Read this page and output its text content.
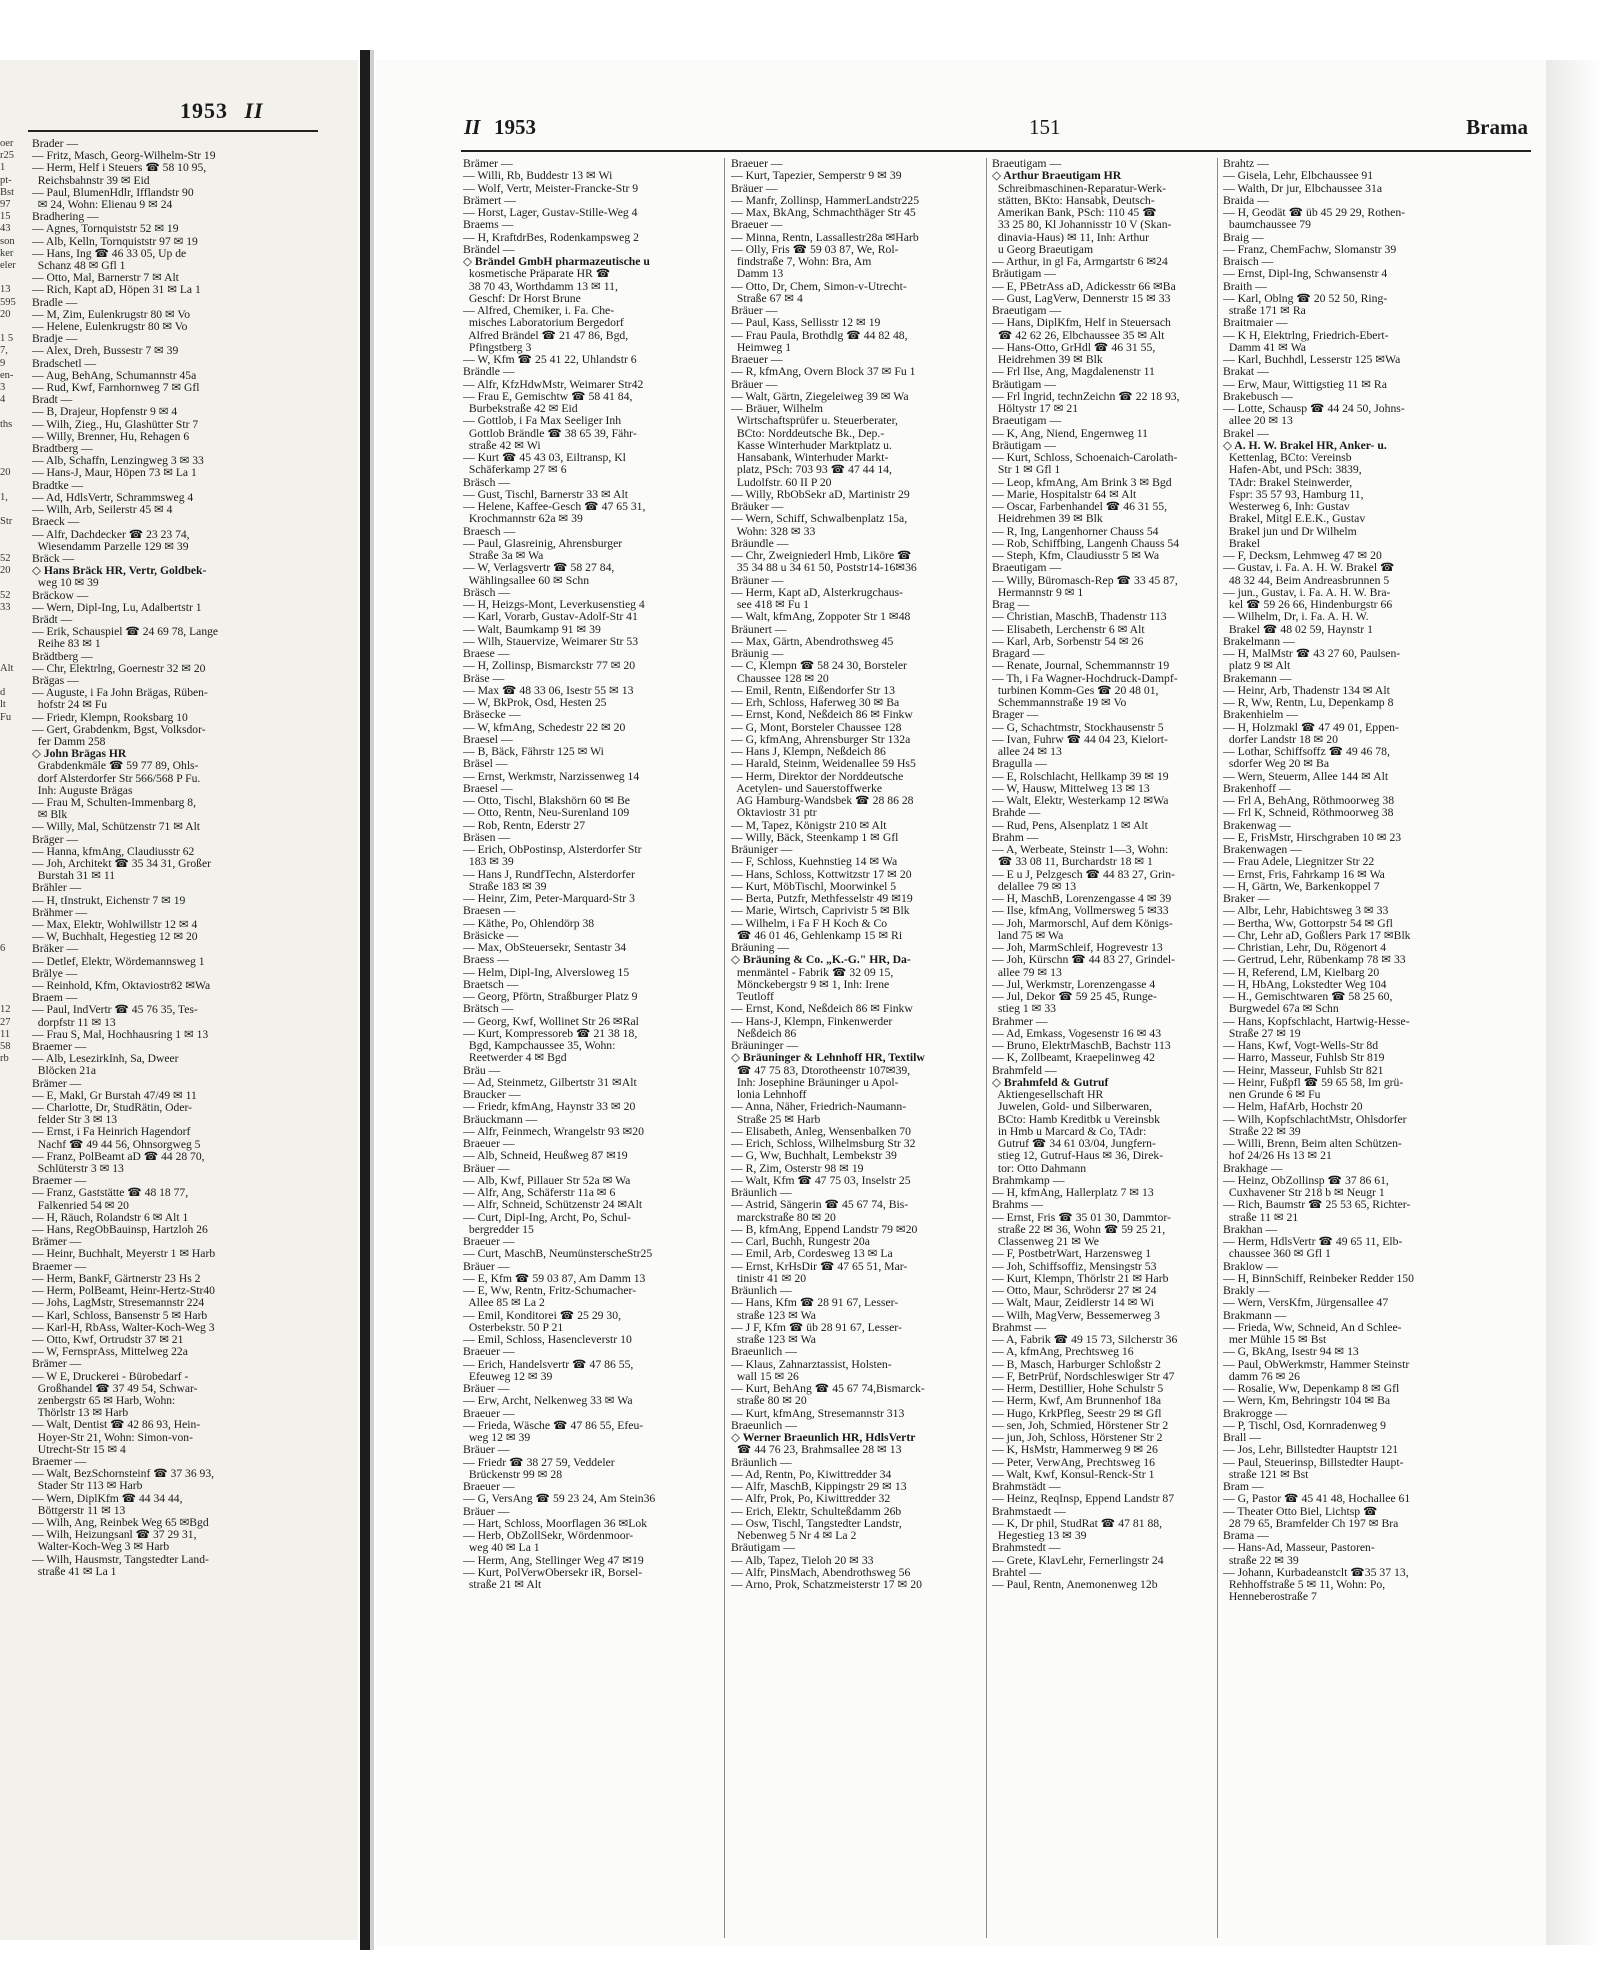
1953 II
oer
r25
1
pt-
Bst
97
15
43
son
ker
eler

13
595
20

1 5
7,
9
en-
3
4

ths

20

1,

Str

52
20

52
33

Alt

d
lt
Fu

6

12
27
11
58
rb
Brader —
— Fritz, Masch, Georg-Wilhelm-Str 19
— Herm, Helf i Steuers ☎ 58 10 95,
Reichsbahnstr 39 ✉ Eid
— Paul, BlumenHdlr, Ifflandstr 90
✉ 24, Wohn: Elienau 9 ✉ 24
Bradhering —
— Agnes, Tornquiststr 52 ✉ 19
— Alb, Kelln, Tornquiststr 97 ✉ 19
— Hans, Ing ☎ 46 33 05, Up de
Schanz 48 ✉ Gfl 1
— Otto, Mal, Barnerstr 7 ✉ Alt
— Rich, Kapt aD, Höpen 31 ✉ La 1
Bradle —
— M, Zim, Eulenkrugstr 80 ✉ Vo
— Helene, Eulenkrugstr 80 ✉ Vo
Bradje —
— Alex, Dreh, Bussestr 7 ✉ 39
Bradschetl —
— Aug, BehAng, Schumannstr 45a
— Rud, Kwf, Farnhornweg 7 ✉ Gfl
Bradt —
— B, Drajeur, Hopfenstr 9 ✉ 4
— Wilh, Zieg., Hu, Glashütter Str 7
— Willy, Brenner, Hu, Rehagen 6
Bradtberg —
— Alb, Schaffn, Lenzingweg 3 ✉ 33
— Hans-J, Maur, Höpen 73 ✉ La 1
Bradtke —
— Ad, HdlsVertr, Schrammsweg 4
— Wilh, Arb, Seilerstr 45 ✉ 4
Braeck —
— Alfr, Dachdecker ☎ 23 23 74,
Wiesendamm Parzelle 129 ✉ 39
Bräck —
◇ Hans Bräck HR, Vertr, Goldbek-
weg 10 ✉ 39
Bräckow —
— Wern, Dipl-Ing, Lu, Adalbertstr 1
Brädt —
— Erik, Schauspiel ☎ 24 69 78, Lange
Reihe 83 ✉ 1
Brädtberg —
— Chr, Elektrlng, Goernestr 32 ✉ 20
Brägas —
— Auguste, i Fa John Brägas, Rüben-
hofstr 24 ✉ Fu
— Friedr, Klempn, Rooksbarg 10
— Gert, Grabdenkm, Bgst, Volksdor-
fer Damm 258
◇ John Brägas HR
Grabdenkmäle ☎ 59 77 89, Ohls-
dorf Alsterdorfer Str 566/568 P Fu.
Inh: Auguste Brägas
— Frau M, Schulten-Immenbarg 8,
✉ Blk
— Willy, Mal, Schützenstr 71 ✉ Alt
Bräger —
— Hanna, kfmAng, Claudiusstr 62
— Joh, Architekt ☎ 35 34 31, Großer
Burstah 31 ✉ 11
Brähler —
— H, tInstrukt, Eichenstr 7 ✉ 19
Brähmer —
— Max, Elektr, Wohlwillstr 12 ✉ 4
— W, Buchhalt, Hegestieg 12 ✉ 20
Bräker —
— Detlef, Elektr, Wördemannsweg 1
Brälye —
— Reinhold, Kfm, Oktaviostr82 ✉Wa
Braem —
— Paul, IndVertr ☎ 45 76 35, Tes-
dorpfstr 11 ✉ 13
— Frau S, Mal, Hochhausring 1 ✉ 13
Braemer —
— Alb, LesezirkInh, Sa, Dweer
Blöcken 21a
Brämer —
— E, Makl, Gr Burstah 47/49 ✉ 11
— Charlotte, Dr, StudRätin, Oder-
felder Str 3 ✉ 13
— Ernst, i Fa Heinrich Hagendorf
Nachf ☎ 49 44 56, Ohnsorgweg 5
— Franz, PolBeamt aD ☎ 44 28 70,
Schlüterstr 3 ✉ 13
Braemer —
— Franz, Gaststätte ☎ 48 18 77,
Falkenried 54 ✉ 20
— H, Räuch, Rolandstr 6 ✉ Alt 1
— Hans, RegObBauinsp, Hartzloh 26
Brämer —
— Heinr, Buchhalt, Meyerstr 1 ✉ Harb
Braemer —
— Herm, BankF, Gärtnerstr 23 Hs 2
— Herm, PolBeamt, Heinr-Hertz-Str40
— Johs, LagMstr, Stresemannstr 224
— Karl, Schloss, Bansenstr 5 ✉ Harb
— Karl-H, RbAss, Walter-Koch-Weg 3
— Otto, Kwf, Ortrudstr 37 ✉ 21
— W, FernsprAss, Mittelweg 22a
Brämer —
— W E, Druckerei - Bürobedarf -
Großhandel ☎ 37 49 54, Schwar-
zenbergstr 65 ✉ Harb, Wohn:
Thörlstr 13 ✉ Harb
— Walt, Dentist ☎ 42 86 93, Hein-
Hoyer-Str 21, Wohn: Simon-von-
Utrecht-Str 15 ✉ 4
Braemer —
— Walt, BezSchornsteinf ☎ 37 36 93,
Stader Str 113 ✉ Harb
— Wern, DiplKfm ☎ 44 34 44,
Böttgerstr 11 ✉ 13
— Wilh, Ang, Reinbek Weg 65 ✉Bgd
— Wilh, Heizungsanl ☎ 37 29 31,
Walter-Koch-Weg 3 ✉ Harb
— Wilh, Hausmstr, Tangstedter Land-
straße 41 ✉ La 1
II 1953	151	Brama
Brämer —
— Willi, Rb, Buddestr 13 ✉ Wi
— Wolf, Vertr, Meister-Francke-Str 9
Brämert —
— Horst, Lager, Gustav-Stille-Weg 4
Braems —
— H, KraftdrBes, Rodenkampsweg 2
Brändel —
◇ Brändel GmbH pharmazeutische u
kosmetische Präparate HR ☎
38 70 43, Worthdamm 13 ✉ 11,
Geschf: Dr Horst Brune
— Alfred, Chemiker, i. Fa. Che-
misches Laboratorium Bergedorf
Alfred Brändel ☎ 21 47 86, Bgd,
Pfingstberg 3
— W, Kfm ☎ 25 41 22, Uhlandstr 6
Brändle —
— Alfr, KfzHdwMstr, Weimarer Str42
— Frau E, Gemischtw ☎ 58 41 84,
Burbekstraße 42 ✉ Eid
— Gottlob, i Fa Max Seeliger Inh
Gottlob Brändle ☎ 38 65 39, Fähr-
straße 42 ✉ Wi
— Kurt ☎ 45 43 03, Eiltransp, Kl
Schäferkamp 27 ✉ 6
Bräsch —
— Gust, Tischl, Barnerstr 33 ✉ Alt
— Helene, Kaffee-Gesch ☎ 47 65 31,
Krochmannstr 62a ✉ 39
Braesch —
— Paul, Glasreinig, Ahrensburger
Straße 3a ✉ Wa
— W, Verlagsvertr ☎ 58 27 84,
Wählingsallee 60 ✉ Schn
Bräsch —
— H, Heizgs-Mont, Leverkusenstieg 4
— Karl, Vorarb, Gustav-Adolf-Str 41
— Walt, Baumkamp 91 ✉ 39
— Wilh, Stauervize, Weimarer Str 53
Braese —
— H, Zollinsp, Bismarckstr 77 ✉ 20
Bräse —
— Max ☎ 48 33 06, Isestr 55 ✉ 13
— W, BkProk, Osd, Hesten 25
Bräsecke —
— W, kfmAng, Schedestr 22 ✉ 20
Braesel —
— B, Bäck, Fährstr 125 ✉ Wi
Bräsel —
— Ernst, Werkmstr, Narzissenweg 14
Braesel —
— Otto, Tischl, Blakshörn 60 ✉ Be
— Otto, Rentn, Neu-Surenland 109
— Rob, Rentn, Ederstr 27
Bräsen —
— Erich, ObPostinsp, Alsterdorfer Str
183 ✉ 39
— Hans J, RundfTechn, Alsterdorfer
Straße 183 ✉ 39
— Heinr, Zim, Peter-Marquard-Str 3
Braesen —
— Käthe, Po, Ohlendörp 38
Bräsicke —
— Max, ObSteuersekr, Sentastr 34
Braess —
— Helm, Dipl-Ing, Alversloweg 15
Braetsch —
— Georg, Pförtn, Straßburger Platz 9
Brätsch —
— Georg, Kwf, Wollinet Str 26 ✉Ral
— Kurt, Kompressoreb ☎ 21 38 18,
Bgd, Kampchaussee 35, Wohn:
Reetwerder 4 ✉ Bgd
Bräu —
— Ad, Steinmetz, Gilbertstr 31 ✉Alt
Braucker —
— Friedr, kfmAng, Haynstr 33 ✉ 20
Bräuckmann —
— Alfr, Feinmech, Wrangelstr 93 ✉20
Braeuer —
— Alb, Schneid, Heußweg 87 ✉19
Bräuer —
— Alb, Kwf, Pillauer Str 52a ✉ Wa
— Alfr, Ang, Schäferstr 11a ✉ 6
— Alfr, Schneid, Schützenstr 24 ✉Alt
— Curt, Dipl-Ing, Archt, Po, Schul-
bergredder 15
Braeuer —
— Curt, MaschB, NeumünsterscheStr25
Bräuer —
— E, Kfm ☎ 59 03 87, Am Damm 13
— E, Ww, Rentn, Fritz-Schumacher-
Allee 85 ✉ La 2
— Emil, Konditorei ☎ 25 29 30,
Osterbekstr. 50 P 21
— Emil, Schloss, Hasencleverstr 10
Braeuer —
— Erich, Handelsvertr ☎ 47 86 55,
Efeuweg 12 ✉ 39
Bräuer —
— Erw, Archt, Nelkenweg 33 ✉ Wa
Braeuer —
— Frieda, Wäsche ☎ 47 86 55, Efeu-
weg 12 ✉ 39
Bräuer —
— Friedr ☎ 38 27 59, Veddeler
Brückenstr 99 ✉ 28
Braeuer —
— G, VersAng ☎ 59 23 24, Am Stein36
Bräuer —
— Hart, Schloss, Moorflagen 36 ✉Lok
— Herb, ObZollSekr, Wördenmoor-
weg 40 ✉ La 1
— Herm, Ang, Stellinger Weg 47 ✉19
— Kurt, PolVerwObersekr iR, Borsel-
straße 21 ✉ Alt
Braeuer —
— Kurt, Tapezier, Semperstr 9 ✉ 39
Bräuer —
— Manfr, Zollinsp, HammerLandstr225
— Max, BkAng, Schmachthäger Str 45
Braeuer —
— Minna, Rentn, Lassallestr28a ✉Harb
— Olly, Fris ☎ 59 03 87, We, Rol-
findstraße 7, Wohn: Bra, Am
Damm 13
— Otto, Dr, Chem, Simon-v-Utrecht-
Straße 67 ✉ 4
Bräuer —
— Paul, Kass, Sellisstr 12 ✉ 19
— Frau Paula, Brothdlg ☎ 44 82 48,
Heimweg 1
Braeuer —
— R, kfmAng, Overn Block 37 ✉ Fu 1
Bräuer —
— Walt, Gärtn, Ziegeleiweg 39 ✉ Wa
— Bräuer, Wilhelm
Wirtschaftsprüfer u. Steuerberater,
BCto: Norddeutsche Bk., Dep.-
Kasse Winterhuder Marktplatz u.
Hansabank, Winterhuder Markt-
platz, PSch: 703 93 ☎ 47 44 14,
Ludolfstr. 60 II P 20
— Willy, RbObSekr aD, Martinistr 29
Bräuker —
— Wern, Schiff, Schwalbenplatz 15a,
Wohn: 328 ✉ 33
Bräundle —
— Chr, Zweigniederl Hmb, Liköre ☎
35 34 88 u 34 61 50, Poststr14-16✉36
Bräuner —
— Herm, Kapt aD, Alsterkrugchaus-
see 418 ✉ Fu 1
— Walt, kfmAng, Zoppoter Str 1 ✉48
Bräunert —
— Max, Gärtn, Abendrothsweg 45
Bräunig —
— C, Klempn ☎ 58 24 30, Borsteler
Chaussee 128 ✉ 20
— Emil, Rentn, Eißendorfer Str 13
— Erh, Schloss, Haferweg 30 ✉ Ba
— Ernst, Kond, Neßdeich 86 ✉ Finkw
— G, Mont, Borsteler Chaussee 128
— G, kfmAng, Ahrensburger Str 132a
— Hans J, Klempn, Neßdeich 86
— Harald, Steinm, Weidenallee 59 Hs5
— Herm, Direktor der Norddeutsche
Acetylen- und Sauerstoffwerke
AG Hamburg-Wandsbek ☎ 28 86 28
Oktaviostr 31 ptr
— M, Tapez, Königstr 210 ✉ Alt
— Willy, Bäck, Steenkamp 1 ✉ Gfl
Bräuniger —
— F, Schloss, Kuehnstieg 14 ✉ Wa
— Hans, Schloss, Kottwitzstr 17 ✉ 20
— Kurt, MöbTischl, Moorwinkel 5
— Berta, Putzfr, Methfesselstr 49 ✉19
— Marie, Wirtsch, Caprivistr 5 ✉ Blk
— Wilhelm, i Fa F H Koch & Co
☎ 46 01 46, Gehlenkamp 15 ✉ Ri
Bräuning —
◇ Bräuning & Co. „K.-G." HR, Da-
menmäntel - Fabrik ☎ 32 09 15,
Mönckebergstr 9 ✉ 1, Inh: Irene
Teutloff
— Ernst, Kond, Neßdeich 86 ✉ Finkw
— Hans-J, Klempn, Finkenwerder
Neßdeich 86
Bräuninger —
◇ Bräuninger & Lehnhoff HR, Textilw
☎ 47 75 83, Dtorotheenstr 107✉39,
Inh: Josephine Bräuninger u Apol-
lonia Lehnhoff
— Anna, Näher, Friedrich-Naumann-
Straße 25 ✉ Harb
— Elisabeth, Anleg, Wensenbalken 70
— Erich, Schloss, Wilhelmsburg Str 32
— G, Ww, Buchhalt, Lembekstr 39
— R, Zim, Osterstr 98 ✉ 19
— Walt, Kfm ☎ 47 75 03, Inselstr 25
Bräunlich —
— Astrid, Sängerin ☎ 45 67 74, Bis-
marckstraße 80 ✉ 20
— B, kfmAng, Eppend Landstr 79 ✉20
— Carl, Buchh, Rungestr 20a
— Emil, Arb, Cordesweg 13 ✉ La
— Ernst, KrHsDir ☎ 47 65 51, Mar-
tinistr 41 ✉ 20
Bräunlich —
— Hans, Kfm ☎ 28 91 67, Lesser-
straße 123 ✉ Wa
— J F, Kfm ☎ üb 28 91 67, Lesser-
straße 123 ✉ Wa
Braeunlich —
— Klaus, Zahnarztassist, Holsten-
wall 15 ✉ 26
— Kurt, BehAng ☎ 45 67 74,Bismarck-
straße 80 ✉ 20
— Kurt, kfmAng, Stresemannstr 313
Braeunlich —
◇ Werner Braeunlich HR, HdlsVertr
☎ 44 76 23, Brahmsallee 28 ✉ 13
Bräunlich —
— Ad, Rentn, Po, Kiwittredder 34
— Alfr, MaschB, Kippingstr 29 ✉ 13
— Alfr, Prok, Po, Kiwittredder 32
— Erich, Elektr, Schulteßdamm 26b
— Osw, Tischl, Tangstedter Landstr,
Nebenweg 5 Nr 4 ✉ La 2
Bräutigam —
— Alb, Tapez, Tieloh 20 ✉ 33
— Alfr, PinsMach, Abendrothsweg 56
— Arno, Prok, Schatzmeisterstr 17 ✉ 20
Braeutigam —
◇ Arthur Braeutigam HR
Schreibmaschinen-Reparatur-Werk-
stätten, BKto: Hansabk, Deutsch-
Amerikan Bank, PSch: 110 45 ☎
33 25 80, Kl Johannisstr 10 V (Skan-
dinavia-Haus) ✉ 11, Inh: Arthur
u Georg Braeutigam
— Arthur, in gl Fa, Armgartstr 6 ✉24
Bräutigam —
— E, PBetrAss aD, Adickesstr 66 ✉Ba
— Gust, LagVerw, Dennerstr 15 ✉ 33
Braeutigam —
— Hans, DiplKfm, Helf in Steuersach
☎ 42 62 26, Elbchaussee 35 ✉ Alt
— Hans-Otto, GrHdl ☎ 46 31 55,
Heidrehmen 39 ✉ Blk
— Frl Ilse, Ang, Magdalenenstr 11
Bräutigam —
— Frl Ingrid, technZeichn ☎ 22 18 93,
Höltystr 17 ✉ 21
Braeutigam —
— K, Ang, Niend, Engernweg 11
Bräutigam —
— Kurt, Schloss, Schoenaich-Carolath-
Str 1 ✉ Gfl 1
— Leop, kfmAng, Am Brink 3 ✉ Bgd
— Marie, Hospitalstr 64 ✉ Alt
— Oscar, Farbenhandel ☎ 46 31 55,
Heidrehmen 39 ✉ Blk
— R, Ing, Langenhorner Chauss 54
— Rob, Schiffbing, Langenh Chauss 54
— Steph, Kfm, Claudiusstr 5 ✉ Wa
Braeutigam —
— Willy, Büromasch-Rep ☎ 33 45 87,
Hermannstr 9 ✉ 1
Brag —
— Christian, MaschB, Thadenstr 113
— Elisabeth, Lerchenstr 6 ✉ Alt
— Karl, Arb, Sorbenstr 54 ✉ 26
Bragard —
— Renate, Journal, Schemmannstr 19
— Th, i Fa Wagner-Hochdruck-Dampf-
turbinen Komm-Ges ☎ 20 48 01,
Schemmannstraße 19 ✉ Vo
Brager —
— G, Schachtmstr, Stockhausenstr 5
— Ivan, Fuhrw ☎ 44 04 23, Kielort-
allee 24 ✉ 13
Bragulla —
— E, Rolschlacht, Hellkamp 39 ✉ 19
— W, Hausw, Mittelweg 13 ✉ 13
— Walt, Elektr, Westerkamp 12 ✉Wa
Brahde —
— Rud, Pens, Alsenplatz 1 ✉ Alt
Brahm —
— A, Werbeate, Steinstr 1—3, Wohn:
☎ 33 08 11, Burchardstr 18 ✉ 1
— E u J, Pelzgesch ☎ 44 83 27, Grin-
delallee 79 ✉ 13
— H, MaschB, Lorenzengasse 4 ✉ 39
— Ilse, kfmAng, Vollmersweg 5 ✉33
— Joh, Marmorschl, Auf dem Königs-
land 75 ✉ Wa
— Joh, MarmSchleif, Hogrevestr 13
— Joh, Kürschn ☎ 44 83 27, Grindel-
allee 79 ✉ 13
— Jul, Werkmstr, Lorenzengasse 4
— Jul, Dekor ☎ 59 25 45, Runge-
stieg 1 ✉ 33
Brahmer —
— Ad, Emkass, Vogesenstr 16 ✉ 43
— Bruno, ElektrMaschB, Bachstr 113
— K, Zollbeamt, Kraepelinweg 42
Brahmfeld —
◇ Brahmfeld & Gutruf
Aktiengesellschaft HR
Juwelen, Gold- und Silberwaren,
BCto: Hamb Kreditbk u Vereinsbk
in Hmb u Marcard & Co, TAdr:
Gutruf ☎ 34 61 03/04, Jungfern-
stieg 12, Gutruf-Haus ✉ 36, Direk-
tor: Otto Dahmann
Brahmkamp —
— H, kfmAng, Hallerplatz 7 ✉ 13
Brahms —
— Ernst, Fris ☎ 35 01 30, Dammtor-
straße 22 ✉ 36, Wohn ☎ 59 25 21,
Classenweg 21 ✉ We
— F, PostbetrWart, Harzensweg 1
— Joh, Schiffsoffiz, Mensingstr 53
— Kurt, Klempn, Thörlstr 21 ✉ Harb
— Otto, Maur, Schrödersr 27 ✉ 24
— Walt, Maur, Zeidlerstr 14 ✉ Wi
— Wilh, MagVerw, Bessemerweg 3
Brahmst —
— A, Fabrik ☎ 49 15 73, Silcherstr 36
— A, kfmAng, Prechtsweg 16
— B, Masch, Harburger Schloßstr 2
— F, BetrPrüf, Nordschleswiger Str 47
— Herm, Destillier, Hohe Schulstr 5
— Herm, Kwf, Am Brunnenhof 18a
— Hugo, KrkPfleg, Seestr 29 ✉ Gfl
— sen, Joh, Schmied, Hörstener Str 2
— jun, Joh, Schloss, Hörstener Str 2
— K, HsMstr, Hammerweg 9 ✉ 26
— Peter, VerwAng, Prechtsweg 16
— Walt, Kwf, Konsul-Renck-Str 1
Brahmstädt —
— Heinz, ReqInsp, Eppend Landstr 87
Brahmstaedt —
— K, Dr phil, StudRat ☎ 47 81 88,
Hegestieg 13 ✉ 39
Brahmstedt —
— Grete, KlavLehr, Fernerlingstr 24
Brahtel —
— Paul, Rentn, Anemonenweg 12b
Brahtz —
— Gisela, Lehr, Elbchaussee 91
— Walth, Dr jur, Elbchaussee 31a
Braida —
— H, Geodät ☎ üb 45 29 29, Rothen-
baumchaussee 79
Braig —
— Franz, ChemFachw, Slomanstr 39
Braisch —
— Ernst, Dipl-Ing, Schwansenstr 4
Braith —
— Karl, Oblng ☎ 20 52 50, Ring-
straße 171 ✉ Ra
Braitmaier —
— K H, Elektrlng, Friedrich-Ebert-
Damm 41 ✉ Wa
— Karl, Buchhdl, Lesserstr 125 ✉Wa
Brakat —
— Erw, Maur, Wittigstieg 11 ✉ Ra
Brakebusch —
— Lotte, Schausp ☎ 44 24 50, Johns-
allee 20 ✉ 13
Brakel —
◇ A. H. W. Brakel HR, Anker- u.
Kettenlag, BCto: Vereinsb
Hafen-Abt, und PSch: 3839,
TAdr: Brakel Steinwerder,
Fspr: 35 57 93, Hamburg 11,
Westerweg 6, Inh: Gustav
Brakel, Mitgl E.E.K., Gustav
Brakel jun und Dr Wilhelm
Brakel
— F, Decksm, Lehmweg 47 ✉ 20
— Gustav, i. Fa. A. H. W. Brakel ☎
48 32 44, Beim Andreasbrunnen 5
— jun., Gustav, i. Fa. A. H. W. Bra-
kel ☎ 59 26 66, Hindenburgstr 66
— Wilhelm, Dr, i. Fa. A. H. W.
Brakel ☎ 48 02 59, Haynstr 1
Brakelmann —
— H, MalMstr ☎ 43 27 60, Paulsen-
platz 9 ✉ Alt
Brakemann —
— Heinr, Arb, Thadenstr 134 ✉ Alt
— R, Ww, Rentn, Lu, Depenkamp 8
Brakenhielm —
— H, Holzmakl ☎ 47 49 01, Eppen-
dorfer Landstr 18 ✉ 20
— Lothar, Schiffsoffz ☎ 49 46 78,
sdorfer Weg 20 ✉ Ba
— Wern, Steuerm, Allee 144 ✉ Alt
Brakenhoff —
— Frl A, BehAng, Röthmoorweg 38
— Frl K, Schneid, Röthmoorweg 38
Brakenwag —
— E, FrisMstr, Hirschgraben 10 ✉ 23
Brakenwagen —
— Frau Adele, Liegnitzer Str 22
— Ernst, Fris, Fahrkamp 16 ✉ Wa
— H, Gärtn, We, Barkenkoppel 7
Braker —
— Albr, Lehr, Habichtsweg 3 ✉ 33
— Bertha, Ww, Gottorpstr 54 ✉ Gfl
— Chr, Lehr aD, Goßlers Park 17 ✉Blk
— Christian, Lehr, Du, Rögenort 4
— Gertrud, Lehr, Rübenkamp 78 ✉ 33
— H, Referend, LM, Kielbarg 20
— H, HbAng, Lokstedter Weg 104
— H., Gemischtwaren ☎ 58 25 60,
Burgwedel 67a ✉ Schn
— Hans, Kopfschlacht, Hartwig-Hesse-
Straße 27 ✉ 19
— Hans, Kwf, Vogt-Wells-Str 8d
— Harro, Masseur, Fuhlsb Str 819
— Heinr, Masseur, Fuhlsb Str 821
— Heinr, Fußpfl ☎ 59 65 58, Im grü-
nen Grunde 6 ✉ Fu
— Helm, HafArb, Hochstr 20
— Wilh, KopfschlachtMstr, Ohlsdorfer
Straße 22 ✉ 39
— Willi, Brenn, Beim alten Schützen-
hof 24/26 Hs 13 ✉ 21
Brakhage —
— Heinz, ObZollinsp ☎ 37 86 61,
Cuxhavener Str 218 b ✉ Neugr 1
— Rich, Baumstr ☎ 25 53 65, Richter-
straße 11 ✉ 21
Brakhan —
— Herm, HdlsVertr ☎ 49 65 11, Elb-
chaussee 360 ✉ Gfl 1
Braklow —
— H, BinnSchiff, Reinbeker Redder 150
Brakly —
— Wern, VersKfm, Jürgensallee 47
Brakmann —
— Frieda, Ww, Schneid, An d Schlee-
mer Mühle 15 ✉ Bst
— G, BkAng, Isestr 94 ✉ 13
— Paul, ObWerkmstr, Hammer Steinstr
damm 76 ✉ 26
— Rosalie, Ww, Depenkamp 8 ✉ Gfl
— Wern, Km, Behringstr 104 ✉ Ba
Brakrogge —
— P, Tischl, Osd, Kornradenweg 9
Brall —
— Jos, Lehr, Billstedter Hauptstr 121
— Paul, Steuerinsp, Billstedter Haupt-
straße 121 ✉ Bst
Bram —
— G, Pastor ☎ 45 41 48, Hochallee 61
— Theater Otto Biel, Lichtsp ☎
28 79 65, Bramfelder Ch 197 ✉ Bra
Brama —
— Hans-Ad, Masseur, Pastoren-
straße 22 ✉ 39
— Johann, Kurbadeanstclt ☎35 37 13,
Rehhoffstraße 5 ✉ 11, Wohn: Po,
Henneberostraße 7
